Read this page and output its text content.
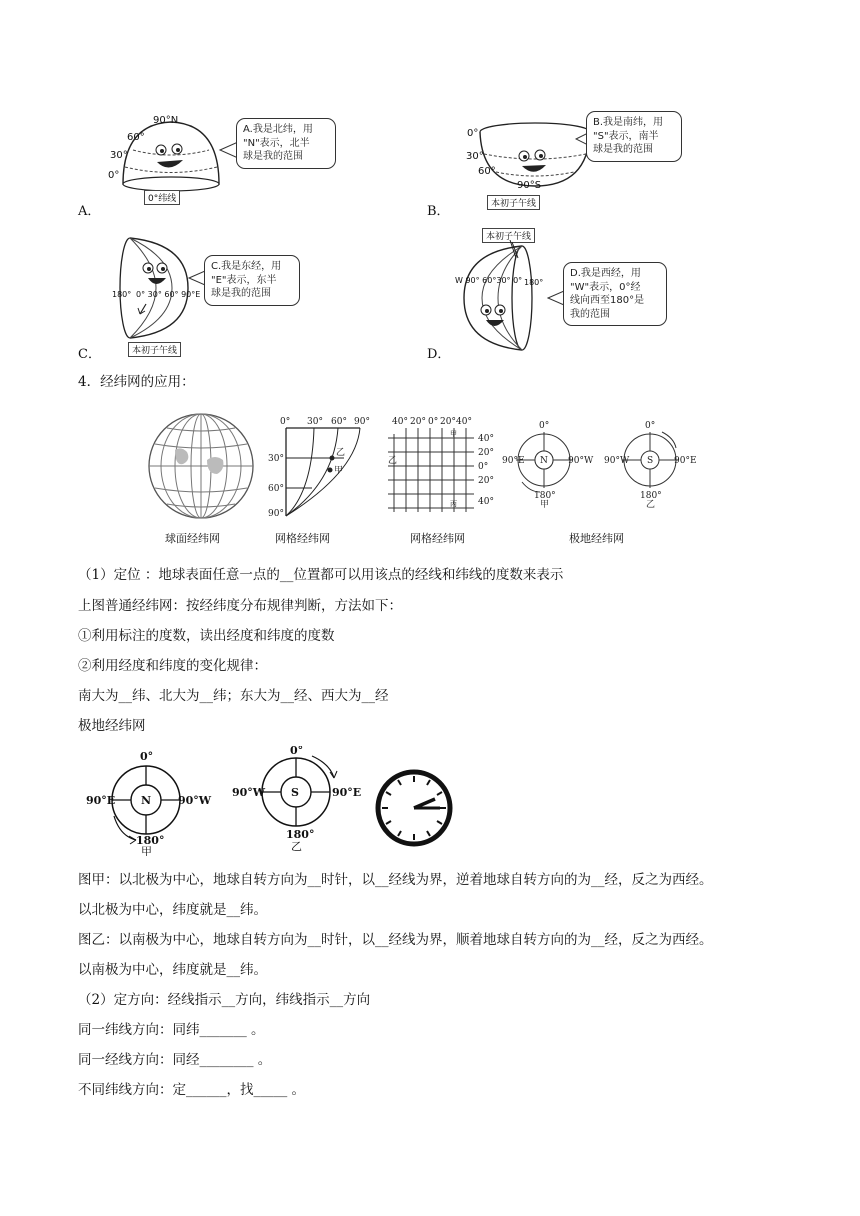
90°N
60°
30°
0°
0°纬线
A.我是北纬，用
"N"表示，北半
球是我的范围
A．
0°
30°
60°
90°S
本初子午线
B.我是南纬，用
"S"表示，南半
球是我的范围
B．
180° 0° 30° 60° 90°E
本初子午线
C.我是东经，用
"E"表示，东半
球是我的范围
C．
本初子午线
W 90° 60°30° 0° 180°
D.我是西经，用
"W"表示，0°经
线向西至180°是
我的范围
D．
4．经纬网的应用：
0° 30° 60° 90°
30°
60°
90°
乙
甲
40° 20° 0° 20° 40°
40°
20°
0°
20°
40°
甲
乙
丙
0°
90°E	90°W
180°
N
甲
0°
90°W	90°E
180°
S
乙
球面经纬网	网格经纬网	网格经纬网	极地经纬网
（1）定位 ：地球表面任意一点的__位置都可以用该点的经线和纬线的度数来表示
上图普通经纬网：按经纬度分布规律判断，方法如下：
①利用标注的度数，读出经度和纬度的度数
②利用经度和纬度的变化规律：
南大为__纬、北大为__纬；东大为__经、西大为__经
极地经纬网
0°
90°E	90°W
180°
N
甲
0°
90°W	90°E
180°
S
乙
图甲：以北极为中心，地球自转方向为__时针，以__经线为界，逆着地球自转方向的为__经，反之为西经。
以北极为中心，纬度就是__纬。
图乙：以南极为中心，地球自转方向为__时针，以__经线为界，顺着地球自转方向的为__经，反之为西经。
以南极为中心，纬度就是__纬。
（2）定方向：经线指示__方向，纬线指示__方向
同一纬线方向：同纬_______ 。
同一经线方向：同经________ 。
不同纬线方向：定______，找_____ 。
